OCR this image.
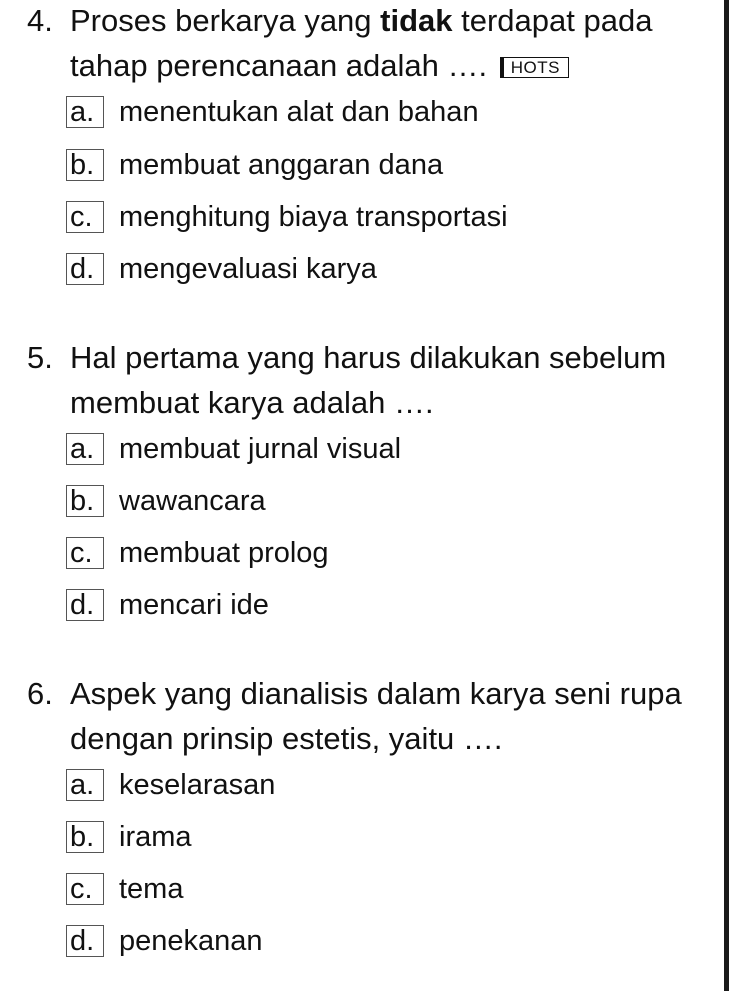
4. Proses berkarya yang tidak terdapat pada
tahap perencanaan adalah …. HOTS
a. menentukan alat dan bahan
b. membuat anggaran dana
c. menghitung biaya transportasi
d. mengevaluasi karya
5. Hal pertama yang harus dilakukan sebelum
membuat karya adalah ….
a. membuat jurnal visual
b. wawancara
c. membuat prolog
d. mencari ide
6. Aspek yang dianalisis dalam karya seni rupa
dengan prinsip estetis, yaitu ….
a. keselarasan
b. irama
c. tema
d. penekanan
